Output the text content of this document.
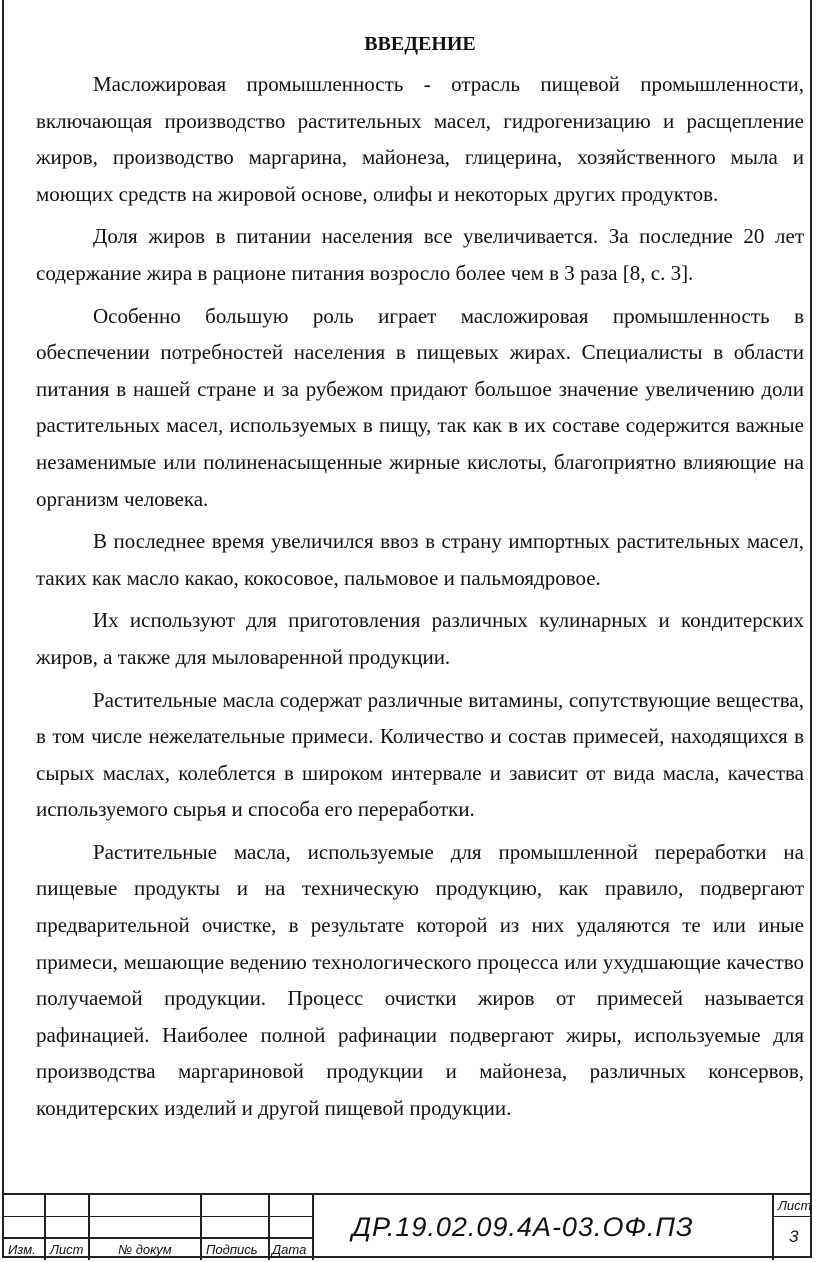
ВВЕДЕНИЕ

Масложировая промышленность - отрасль пищевой промышленности, включающая производство растительных масел, гидрогенизацию и расщепление жиров, производство маргарина, майонеза, глицерина, хозяйственного мыла и моющих средств на жировой основе, олифы и некоторых других продуктов.

Доля жиров в питании населения все увеличивается. За последние 20 лет содержание жира в рационе питания возросло более чем в 3 раза [8, с. 3].

Особенно большую роль играет масложировая промышленность в обеспечении потребностей населения в пищевых жирах. Специалисты в области питания в нашей стране и за рубежом придают большое значение увеличению доли растительных масел, используемых в пищу, так как в их составе содержится важные незаменимые или полиненасыщенные жирные кислоты, благоприятно влияющие на организм человека.

В последнее время увеличился ввоз в страну импортных растительных масел, таких как масло какао, кокосовое, пальмовое и пальмоядровое.

Их используют для приготовления различных кулинарных и кондитерских жиров, а также для мыловаренной продукции.

Растительные масла содержат различные витамины, сопутствующие вещества, в том числе нежелательные примеси. Количество и состав примесей, находящихся в сырых маслах, колеблется в широком интервале и зависит от вида масла, качества используемого сырья и способа его переработки.

Растительные масла, используемые для промышленной переработки на пищевые продукты и на техническую продукцию, как правило, подвергают предварительной очистке, в результате которой из них удаляются те или иные примеси, мешающие ведению технологического процесса или ухудшающие качество получаемой продукции. Процесс очистки жиров от примесей называется рафинацией. Наиболее полной рафинации подвергают жиры, используемые для производства маргариновой продукции и майонеза, различных консервов, кондитерских изделий и другой пищевой продукции.

Изм. Лист	№ докум	Подпись Дата
ДР.19.02.09.4А-03.ОФ.ПЗ
Лист
3
